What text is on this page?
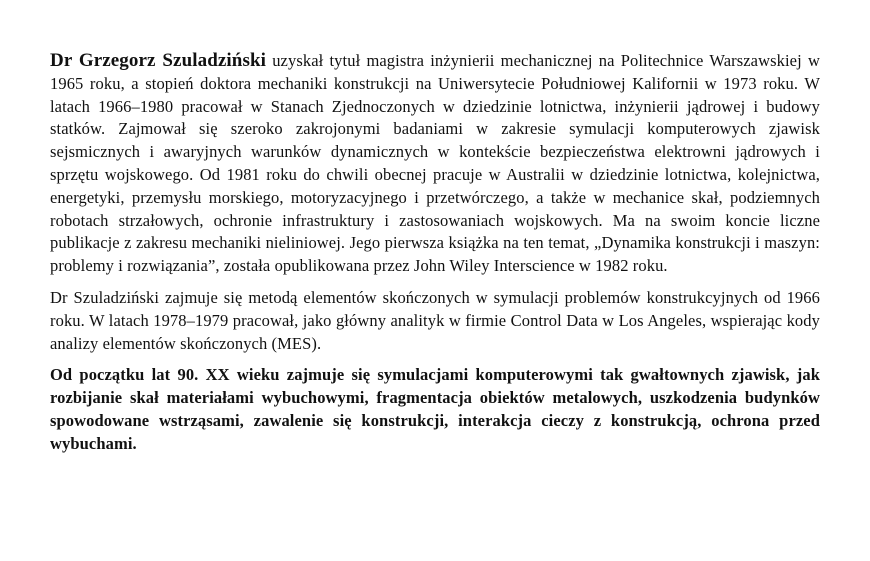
Dr Grzegorz Szuladziński uzyskał tytuł magistra inżynierii mechanicznej na Politechnice Warszawskiej w 1965 roku, a stopień doktora mechaniki konstrukcji na Uniwersytecie Południowej Kalifornii w 1973 roku. W latach 1966–1980 pracował w Stanach Zjednoczonych w dziedzinie lotnictwa, inżynierii jądrowej i budowy statków. Zajmował się szeroko zakrojonymi badaniami w zakresie symulacji komputerowych zjawisk sejsmicznych i awaryjnych warunków dynamicznych w kontekście bezpieczeństwa elektrowni jądrowych i sprzętu wojskowego. Od 1981 roku do chwili obecnej pracuje w Australii w dziedzinie lotnictwa, kolejnictwa, energetyki, przemysłu morskiego, motoryzacyjnego i przetwórczego, a także w mechanice skał, podziemnych robotach strzałowych, ochronie infrastruktury i zastosowaniach wojskowych. Ma na swoim koncie liczne publikacje z zakresu mechaniki nieliniowej. Jego pierwsza książka na ten temat, „Dynamika konstrukcji i maszyn: problemy i rozwiązania”, została opublikowana przez John Wiley Interscience w 1982 roku.

Dr Szuladziński zajmuje się metodą elementów skończonych w symulacji problemów konstrukcyjnych od 1966 roku. W latach 1978–1979 pracował, jako główny analityk w firmie Control Data w Los Angeles, wspierając kody analizy elementów skończonych (MES).

Od początku lat 90. XX wieku zajmuje się symulacjami komputerowymi tak gwałtownych zjawisk, jak rozbijanie skał materiałami wybuchowymi, fragmentacja obiektów metalowych, uszkodzenia budynków spowodowane wstrząsami, zawalenie się konstrukcji, interakcja cieczy z konstrukcją, ochrona przed wybuchami.
